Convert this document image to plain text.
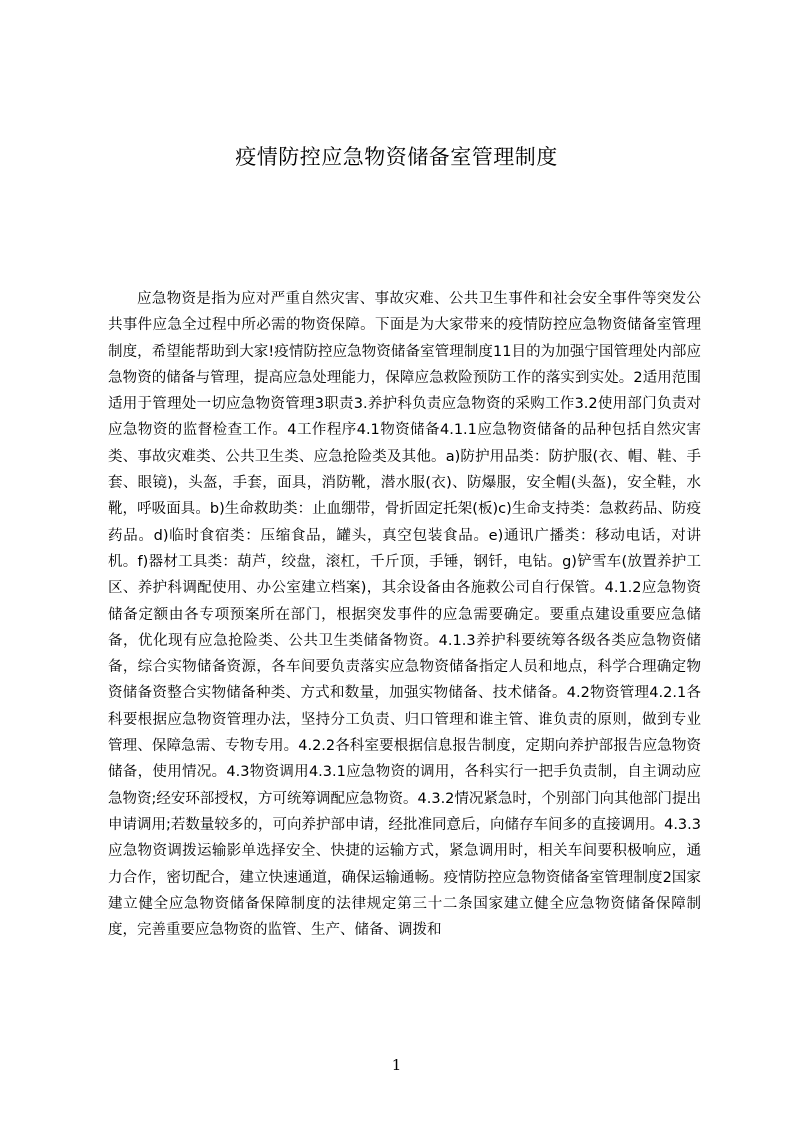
疫情防控应急物资储备室管理制度

应急物资是指为应对严重自然灾害、事故灾难、公共卫生事件和社会安全事件等突发公共事件应急全过程中所必需的物资保障。下面是为大家带来的疫情防控应急物资储备室管理制度，希望能帮助到大家!疫情防控应急物资储备室管理制度11目的为加强宁国管理处内部应急物资的储备与管理，提高应急处理能力，保障应急救险预防工作的落实到实处。2适用范围适用于管理处一切应急物资管理3职责3.养护科负责应急物资的采购工作3.2使用部门负责对应急物资的监督检查工作。4工作程序4.1物资储备4.1.1应急物资储备的品种包括自然灾害类、事故灾难类、公共卫生类、应急抢险类及其他。a)防护用品类：防护服(衣、帽、鞋、手套、眼镜)，头盔，手套，面具，消防靴，潜水服(衣)、防爆服，安全帽(头盔)，安全鞋，水靴，呼吸面具。b)生命救助类：止血绷带，骨折固定托架(板)c)生命支持类：急救药品、防疫药品。d)临时食宿类：压缩食品，罐头，真空包装食品。e)通讯广播类：移动电话，对讲机。f)器材工具类：葫芦，绞盘，滚杠，千斤顶，手锤，钢钎，电钻。g)铲雪车(放置养护工区、养护科调配使用、办公室建立档案)，其余设备由各施救公司自行保管。4.1.2应急物资储备定额由各专项预案所在部门，根据突发事件的应急需要确定。要重点建设重要应急储备，优化现有应急抢险类、公共卫生类储备物资。4.1.3养护科要统筹各级各类应急物资储备，综合实物储备资源，各车间要负责落实应急物资储备指定人员和地点，科学合理确定物资储备资整合实物储备种类、方式和数量，加强实物储备、技术储备。4.2物资管理4.2.1各科要根据应急物资管理办法，坚持分工负责、归口管理和谁主管、谁负责的原则，做到专业管理、保障急需、专物专用。4.2.2各科室要根据信息报告制度，定期向养护部报告应急物资储备，使用情况。4.3物资调用4.3.1应急物资的调用，各科实行一把手负责制，自主调动应急物资;经安环部授权，方可统筹调配应急物资。4.3.2情况紧急时，个别部门向其他部门提出申请调用;若数量较多的，可向养护部申请，经批准同意后，向储存车间多的直接调用。4.3.3应急物资调拨运输影单选择安全、快捷的运输方式，紧急调用时，相关车间要积极响应，通力合作，密切配合，建立快速通道，确保运输通畅。疫情防控应急物资储备室管理制度2国家建立健全应急物资储备保障制度的法律规定第三十二条国家建立健全应急物资储备保障制度，完善重要应急物资的监管、生产、储备、调拨和

1
